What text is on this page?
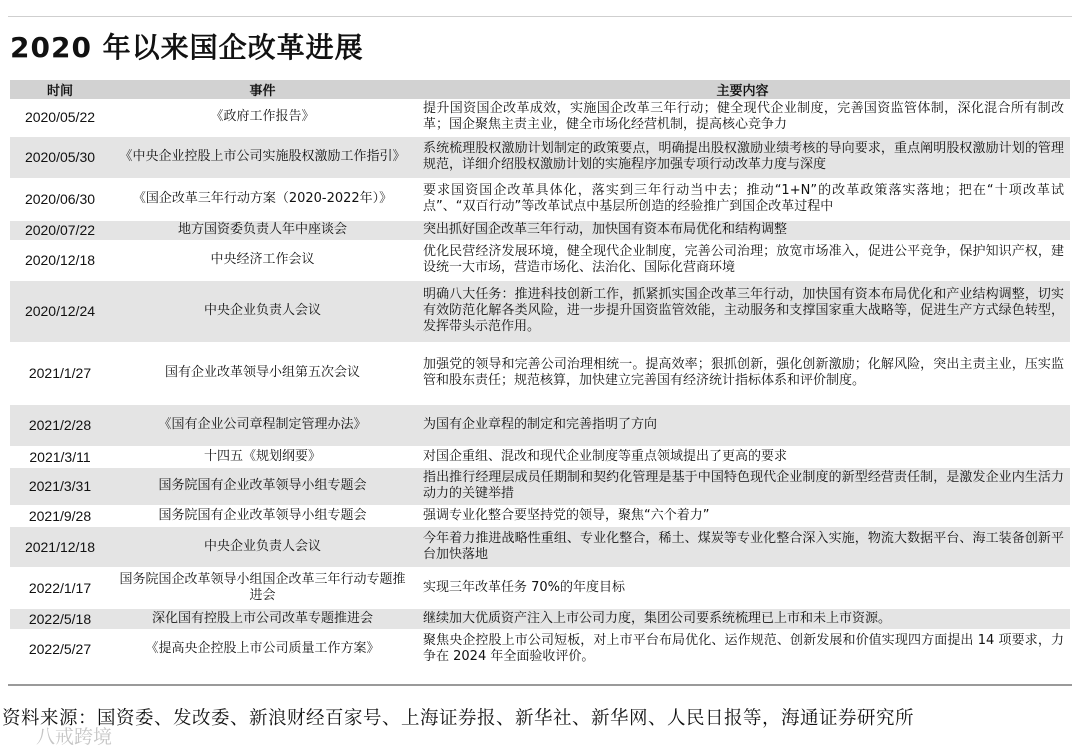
2020 年以来国企改革进展
时间	事件	主要内容
2020/05/22	《政府工作报告》	提升国资国企改革成效，实施国企改革三年行动；健全现代企业制度，完善国资监管体制，深化混合所有制改革；国企聚焦主责主业，健全市场化经营机制，提高核心竞争力
2020/05/30	《中央企业控股上市公司实施股权激励工作指引》	系统梳理股权激励计划制定的政策要点，明确提出股权激励业绩考核的导向要求，重点阐明股权激励计划的管理规范，详细介绍股权激励计划的实施程序加强专项行动改革力度与深度
2020/06/30	《国企改革三年行动方案（2020-2022年）》	要求国资国企改革具体化，落实到三年行动当中去；推动“1+N”的改革政策落实落地；把在“十项改革试点”、“双百行动”等改革试点中基层所创造的经验推广到国企改革过程中
2020/07/22	地方国资委负责人年中座谈会	突出抓好国企改革三年行动，加快国有资本布局优化和结构调整
2020/12/18	中央经济工作会议	优化民营经济发展环境，健全现代企业制度，完善公司治理；放宽市场准入，促进公平竞争，保护知识产权，建设统一大市场，营造市场化、法治化、国际化营商环境
2020/12/24	中央企业负责人会议	明确八大任务：推进科技创新工作，抓紧抓实国企改革三年行动，加快国有资本布局优化和产业结构调整，切实有效防范化解各类风险，进一步提升国资监管效能，主动服务和支撑国家重大战略等，促进生产方式绿色转型，发挥带头示范作用。
2021/1/27	国有企业改革领导小组第五次会议	加强党的领导和完善公司治理相统一。提高效率；狠抓创新，强化创新激励；化解风险，突出主责主业，压实监管和股东责任；规范核算，加快建立完善国有经济统计指标体系和评价制度。
2021/2/28	《国有企业公司章程制定管理办法》	为国有企业章程的制定和完善指明了方向
2021/3/11	十四五《规划纲要》	对国企重组、混改和现代企业制度等重点领域提出了更高的要求
2021/3/31	国务院国有企业改革领导小组专题会	指出推行经理层成员任期制和契约化管理是基于中国特色现代企业制度的新型经营责任制，是激发企业内生活力动力的关键举措
2021/9/28	国务院国有企业改革领导小组专题会	强调专业化整合要坚持党的领导，聚焦“六个着力”
2021/12/18	中央企业负责人会议	今年着力推进战略性重组、专业化整合，稀土、煤炭等专业化整合深入实施，物流大数据平台、海工装备创新平台加快落地
2022/1/17	国务院国企改革领导小组国企改革三年行动专题推进会	实现三年改革任务 70%的年度目标
2022/5/18	深化国有控股上市公司改革专题推进会	继续加大优质资产注入上市公司力度，集团公司要系统梳理已上市和未上市资源。
2022/5/27	《提高央企控股上市公司质量工作方案》	聚焦央企控股上市公司短板，对上市平台布局优化、运作规范、创新发展和价值实现四方面提出 14 项要求，力争在 2024 年全面验收评价。
资料来源：国资委、发改委、新浪财经百家号、上海证券报、新华社、新华网、人民日报等，海通证券研究所
八戒跨境
